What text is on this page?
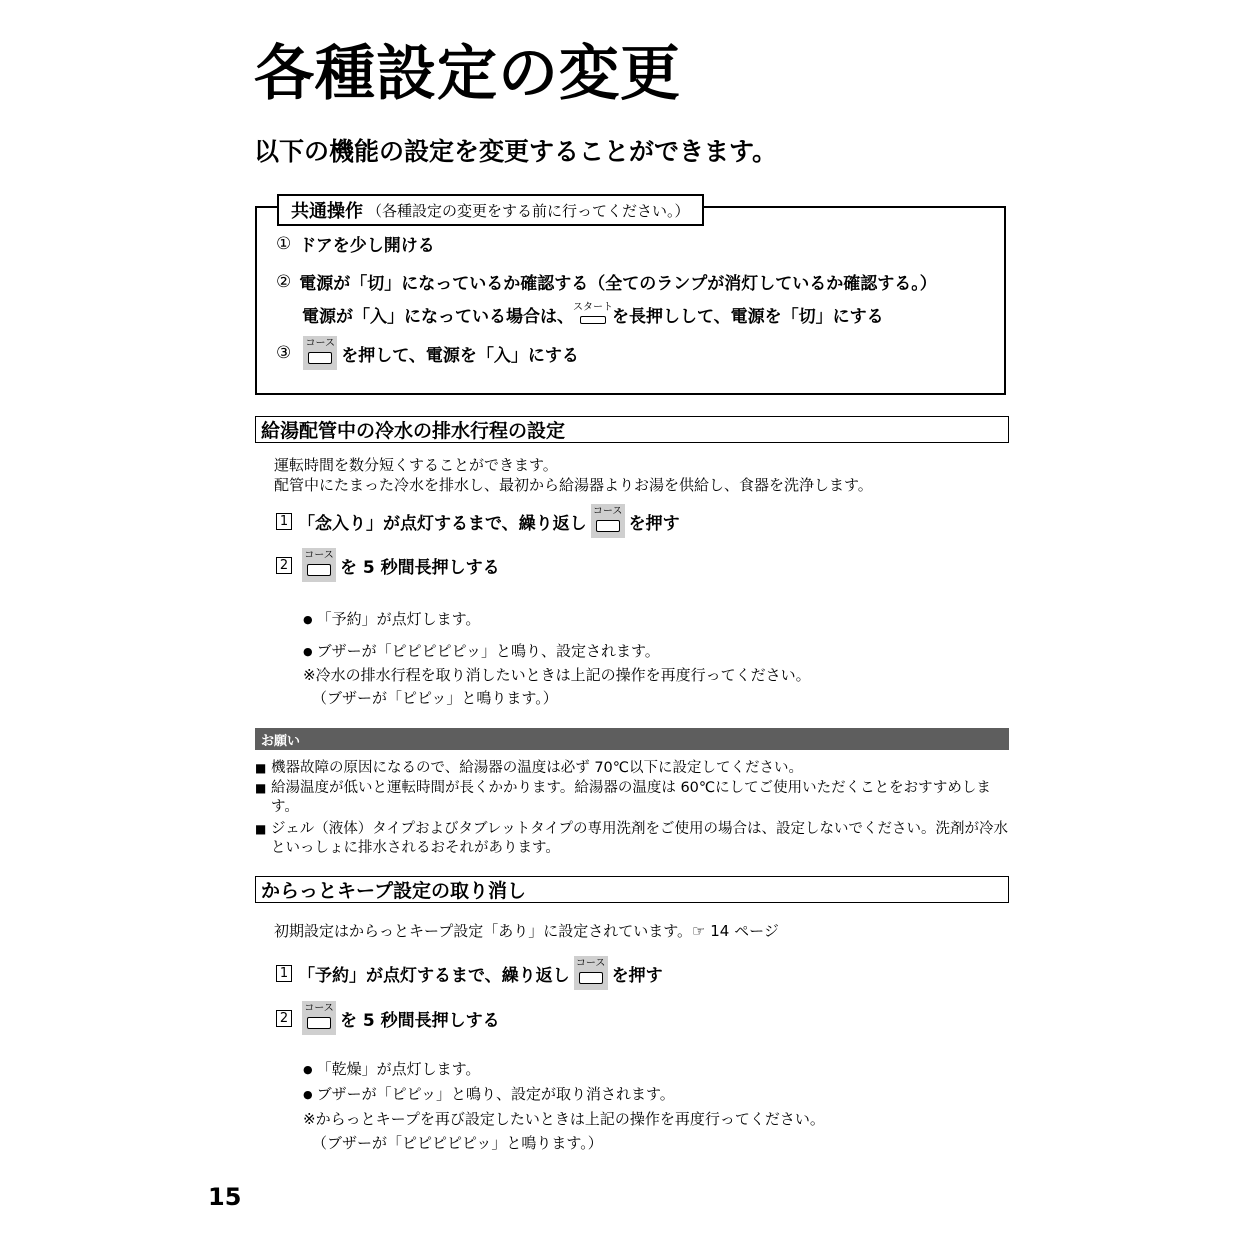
各種設定の変更
以下の機能の設定を変更することができます。
共通操作 （各種設定の変更をする前に行ってください。）
① ドアを少し開ける
② 電源が「切」になっているか確認する（全てのランプが消灯しているか確認する。）
電源が「入」になっている場合は、 スタート を長押しして、電源を「切」にする
③ コース
を押して、電源を「入」にする
給湯配管中の冷水の排水行程の設定
運転時間を数分短くすることができます。
配管中にたまった冷水を排水し、最初から給湯器よりお湯を供給し、食器を洗浄します。
1 「念入り」が点灯するまで、繰り返し
コース
を押す
2
コース
を 5 秒間長押しする
● 「予約」が点灯します。
● ブザーが「ピピピピピッ」と鳴り、設定されます。
※冷水の排水行程を取り消したいときは上記の操作を再度行ってください。
（ブザーが「ピピッ」と鳴ります。）
お願い
■ 機器故障の原因になるので、給湯器の温度は必ず 70℃以下に設定してください。
■ 給湯温度が低いと運転時間が長くかかります。給湯器の温度は 60℃にしてご使用いただくことをおすすめします。
■ ジェル（液体）タイプおよびタブレットタイプの専用洗剤をご使用の場合は、設定しないでください。洗剤が冷水といっしょに排水されるおそれがあります。
からっとキープ設定の取り消し
初期設定はからっとキープ設定「あり」に設定されています。☞ 14 ページ
1 「予約」が点灯するまで、繰り返し
コース
を押す
2
コース
を 5 秒間長押しする
● 「乾燥」が点灯します。
● ブザーが「ピピッ」と鳴り、設定が取り消されます。
※からっとキープを再び設定したいときは上記の操作を再度行ってください。
（ブザーが「ピピピピピッ」と鳴ります。）
15
